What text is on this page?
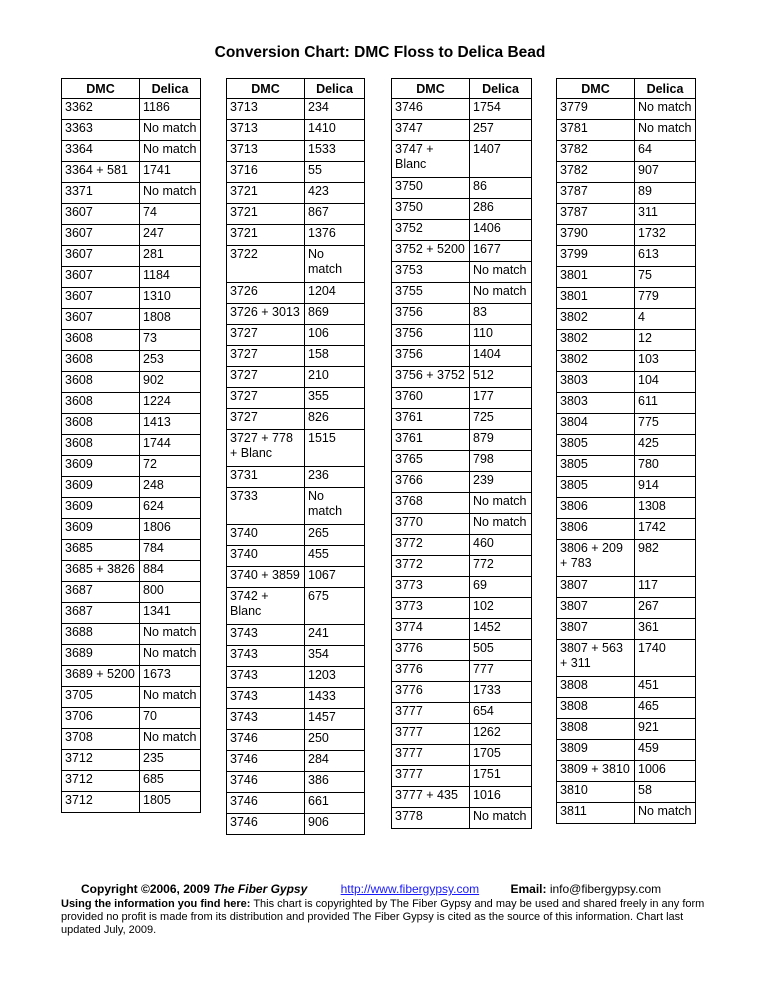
Conversion Chart: DMC Floss to Delica Bead
DMC	Delica
3362	1186
3363	No match
3364	No match
3364 + 581	1741
3371	No match
3607	74
3607	247
3607	281
3607	1184
3607	1310
3607	1808
3608	73
3608	253
3608	902
3608	1224
3608	1413
3608	1744
3609	72
3609	248
3609	624
3609	1806
3685	784
3685 + 3826	884
3687	800
3687	1341
3688	No match
3689	No match
3689 + 5200	1673
3705	No match
3706	70
3708	No match
3712	235
3712	685
3712	1805
DMC	Delica
3713	234
3713	1410
3713	1533
3716	55
3721	423
3721	867
3721	1376
3722	No match
3726	1204
3726 + 3013	869
3727	106
3727	158
3727	210
3727	355
3727	826
3727 + 778 + Blanc	1515
3731	236
3733	No match
3740	265
3740	455
3740 + 3859	1067
3742 + Blanc	675
3743	241
3743	354
3743	1203
3743	1433
3743	1457
3746	250
3746	284
3746	386
3746	661
3746	906
DMC	Delica
3746	1754
3747	257
3747 + Blanc	1407
3750	86
3750	286
3752	1406
3752 + 5200	1677
3753	No match
3755	No match
3756	83
3756	110
3756	1404
3756 + 3752	512
3760	177
3761	725
3761	879
3765	798
3766	239
3768	No match
3770	No match
3772	460
3772	772
3773	69
3773	102
3774	1452
3776	505
3776	777
3776	1733
3777	654
3777	1262
3777	1705
3777	1751
3777 + 435	1016
3778	No match
DMC	Delica
3779	No match
3781	No match
3782	64
3782	907
3787	89
3787	311
3790	1732
3799	613
3801	75
3801	779
3802	4
3802	12
3802	103
3803	104
3803	611
3804	775
3805	425
3805	780
3805	914
3806	1308
3806	1742
3806 + 209 + 783	982
3807	117
3807	267
3807	361
3807 + 563 + 311	1740
3808	451
3808	465
3808	921
3809	459
3809 + 3810	1006
3810	58
3811	No match
Copyright ©2006, 2009 The Fiber Gypsy	http://www.fibergypsy.com	Email: info@fibergypsy.com
Using the information you find here: This chart is copyrighted by The Fiber Gypsy and may be used and shared freely in any form provided no profit is made from its distribution and provided The Fiber Gypsy is cited as the source of this information. Chart last updated July, 2009.
